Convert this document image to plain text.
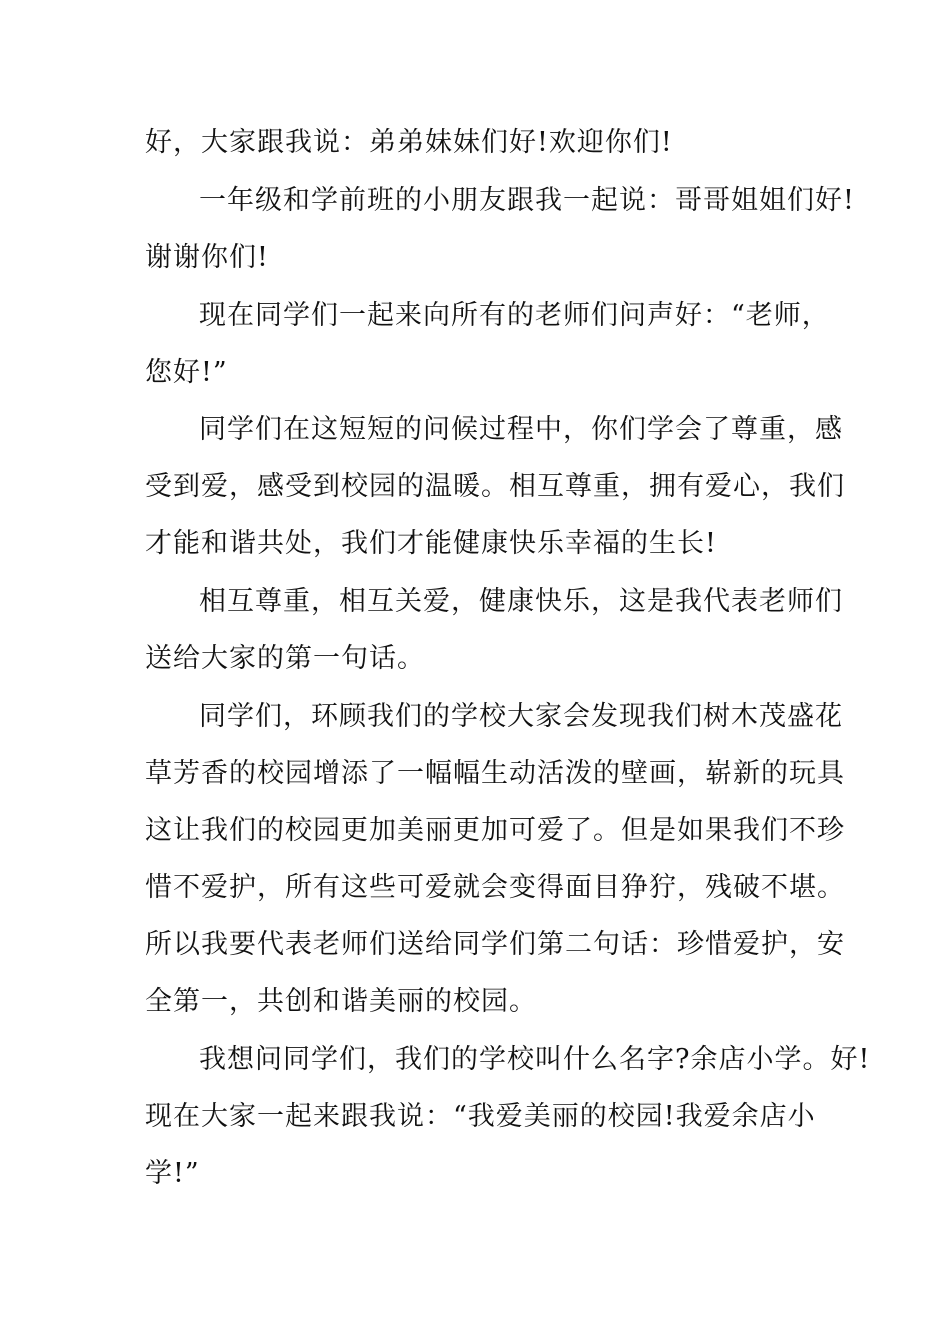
好，大家跟我说：弟弟妹妹们好!欢迎你们!
一年级和学前班的小朋友跟我一起说：哥哥姐姐们好!
谢谢你们!
现在同学们一起来向所有的老师们问声好：“老师，
您好!”
同学们在这短短的问候过程中，你们学会了尊重，感
受到爱，感受到校园的温暖。相互尊重，拥有爱心，我们
才能和谐共处，我们才能健康快乐幸福的生长!
相互尊重，相互关爱，健康快乐，这是我代表老师们
送给大家的第一句话。
同学们，环顾我们的学校大家会发现我们树木茂盛花
草芳香的校园增添了一幅幅生动活泼的壁画，崭新的玩具
这让我们的校园更加美丽更加可爱了。但是如果我们不珍
惜不爱护，所有这些可爱就会变得面目狰狞，残破不堪。
所以我要代表老师们送给同学们第二句话：珍惜爱护，安
全第一，共创和谐美丽的校园。
我想问同学们，我们的学校叫什么名字?余店小学。好!
现在大家一起来跟我说：“我爱美丽的校园!我爱余店小
学!”
